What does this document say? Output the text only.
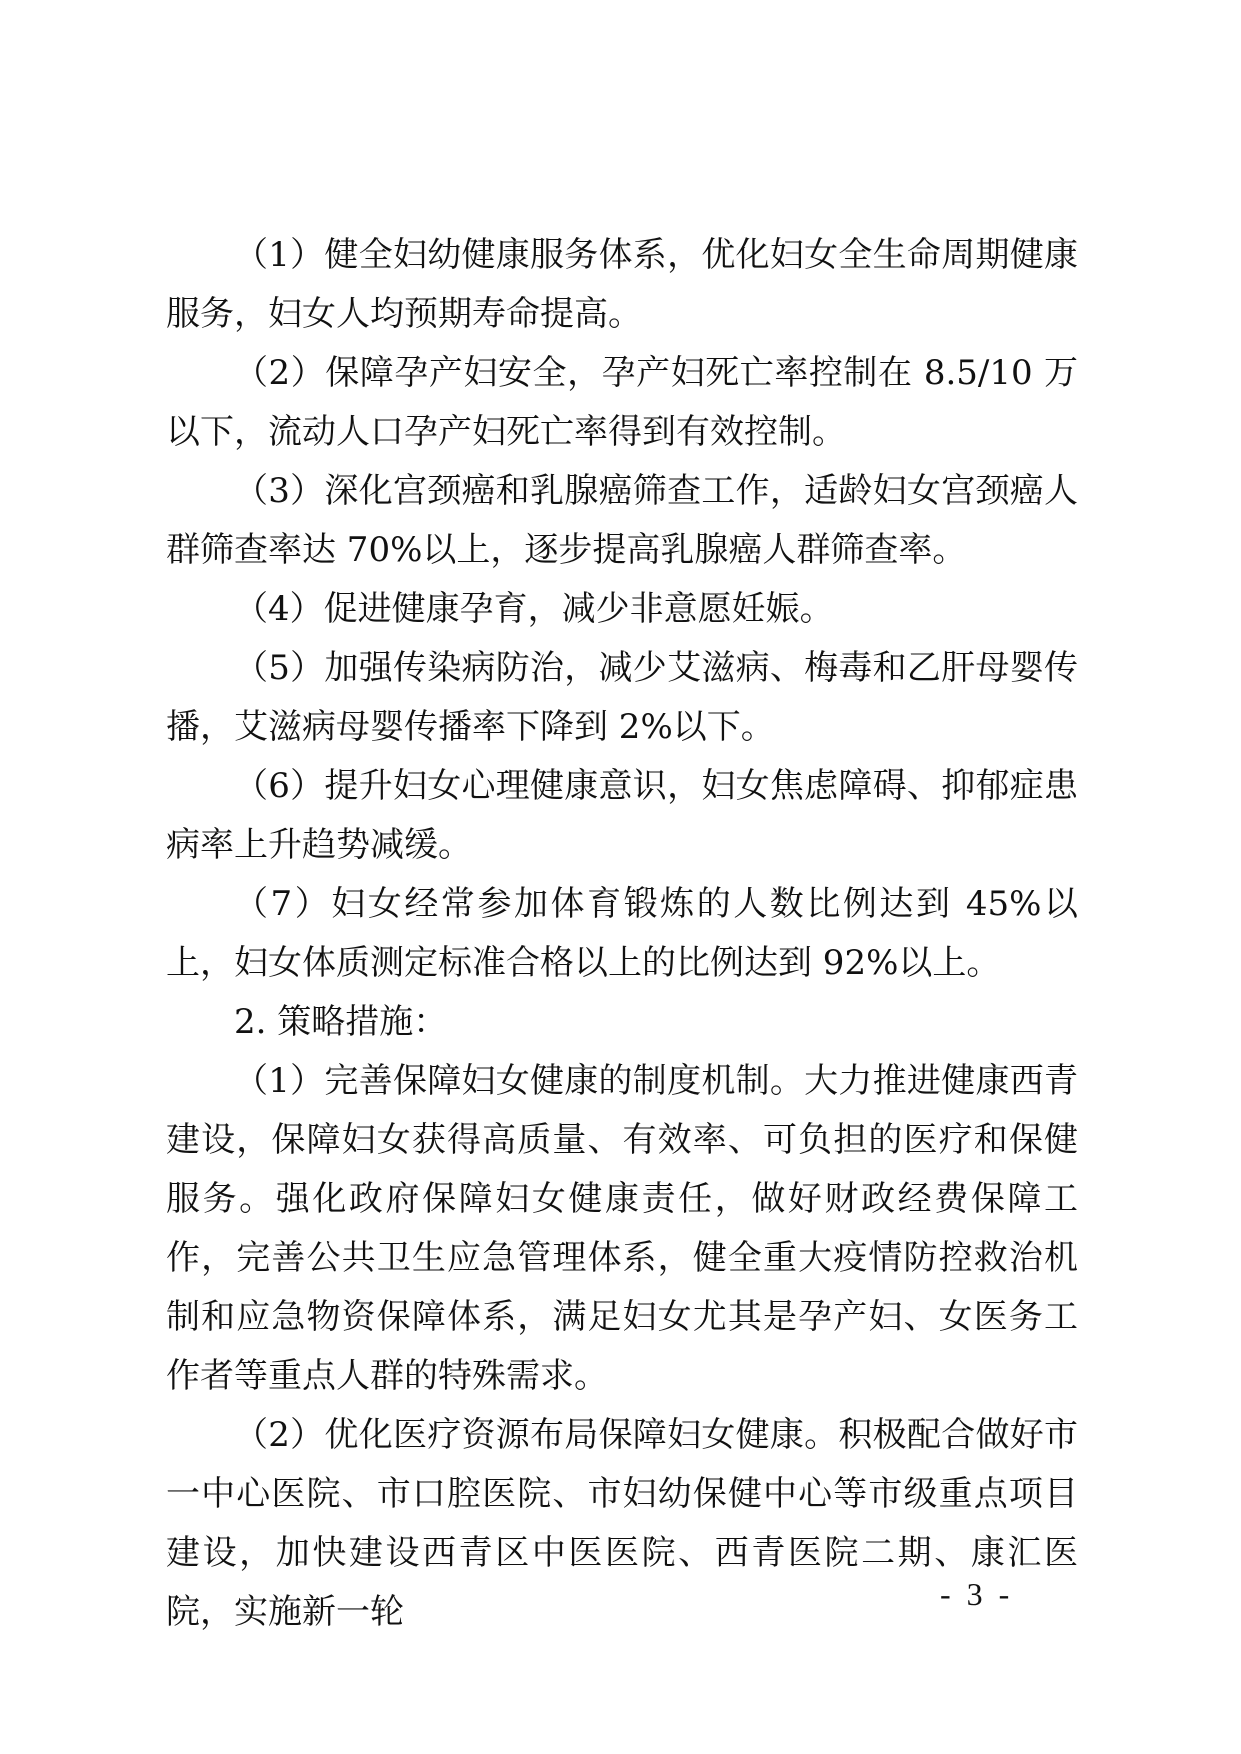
（1）健全妇幼健康服务体系，优化妇女全生命周期健康服务，妇女人均预期寿命提高。

（2）保障孕产妇安全，孕产妇死亡率控制在 8.5/10 万以下，流动人口孕产妇死亡率得到有效控制。

（3）深化宫颈癌和乳腺癌筛查工作，适龄妇女宫颈癌人群筛查率达 70%以上，逐步提高乳腺癌人群筛查率。

（4）促进健康孕育，减少非意愿妊娠。

（5）加强传染病防治，减少艾滋病、梅毒和乙肝母婴传播，艾滋病母婴传播率下降到 2%以下。

（6）提升妇女心理健康意识，妇女焦虑障碍、抑郁症患病率上升趋势减缓。

（7）妇女经常参加体育锻炼的人数比例达到 45%以上，妇女体质测定标准合格以上的比例达到 92%以上。

2. 策略措施：

（1）完善保障妇女健康的制度机制。大力推进健康西青建设，保障妇女获得高质量、有效率、可负担的医疗和保健服务。强化政府保障妇女健康责任，做好财政经费保障工作，完善公共卫生应急管理体系，健全重大疫情防控救治机制和应急物资保障体系，满足妇女尤其是孕产妇、女医务工作者等重点人群的特殊需求。

（2）优化医疗资源布局保障妇女健康。积极配合做好市一中心医院、市口腔医院、市妇幼保健中心等市级重点项目建设，加快建设西青区中医医院、西青医院二期、康汇医院，实施新一轮	- 3 -
